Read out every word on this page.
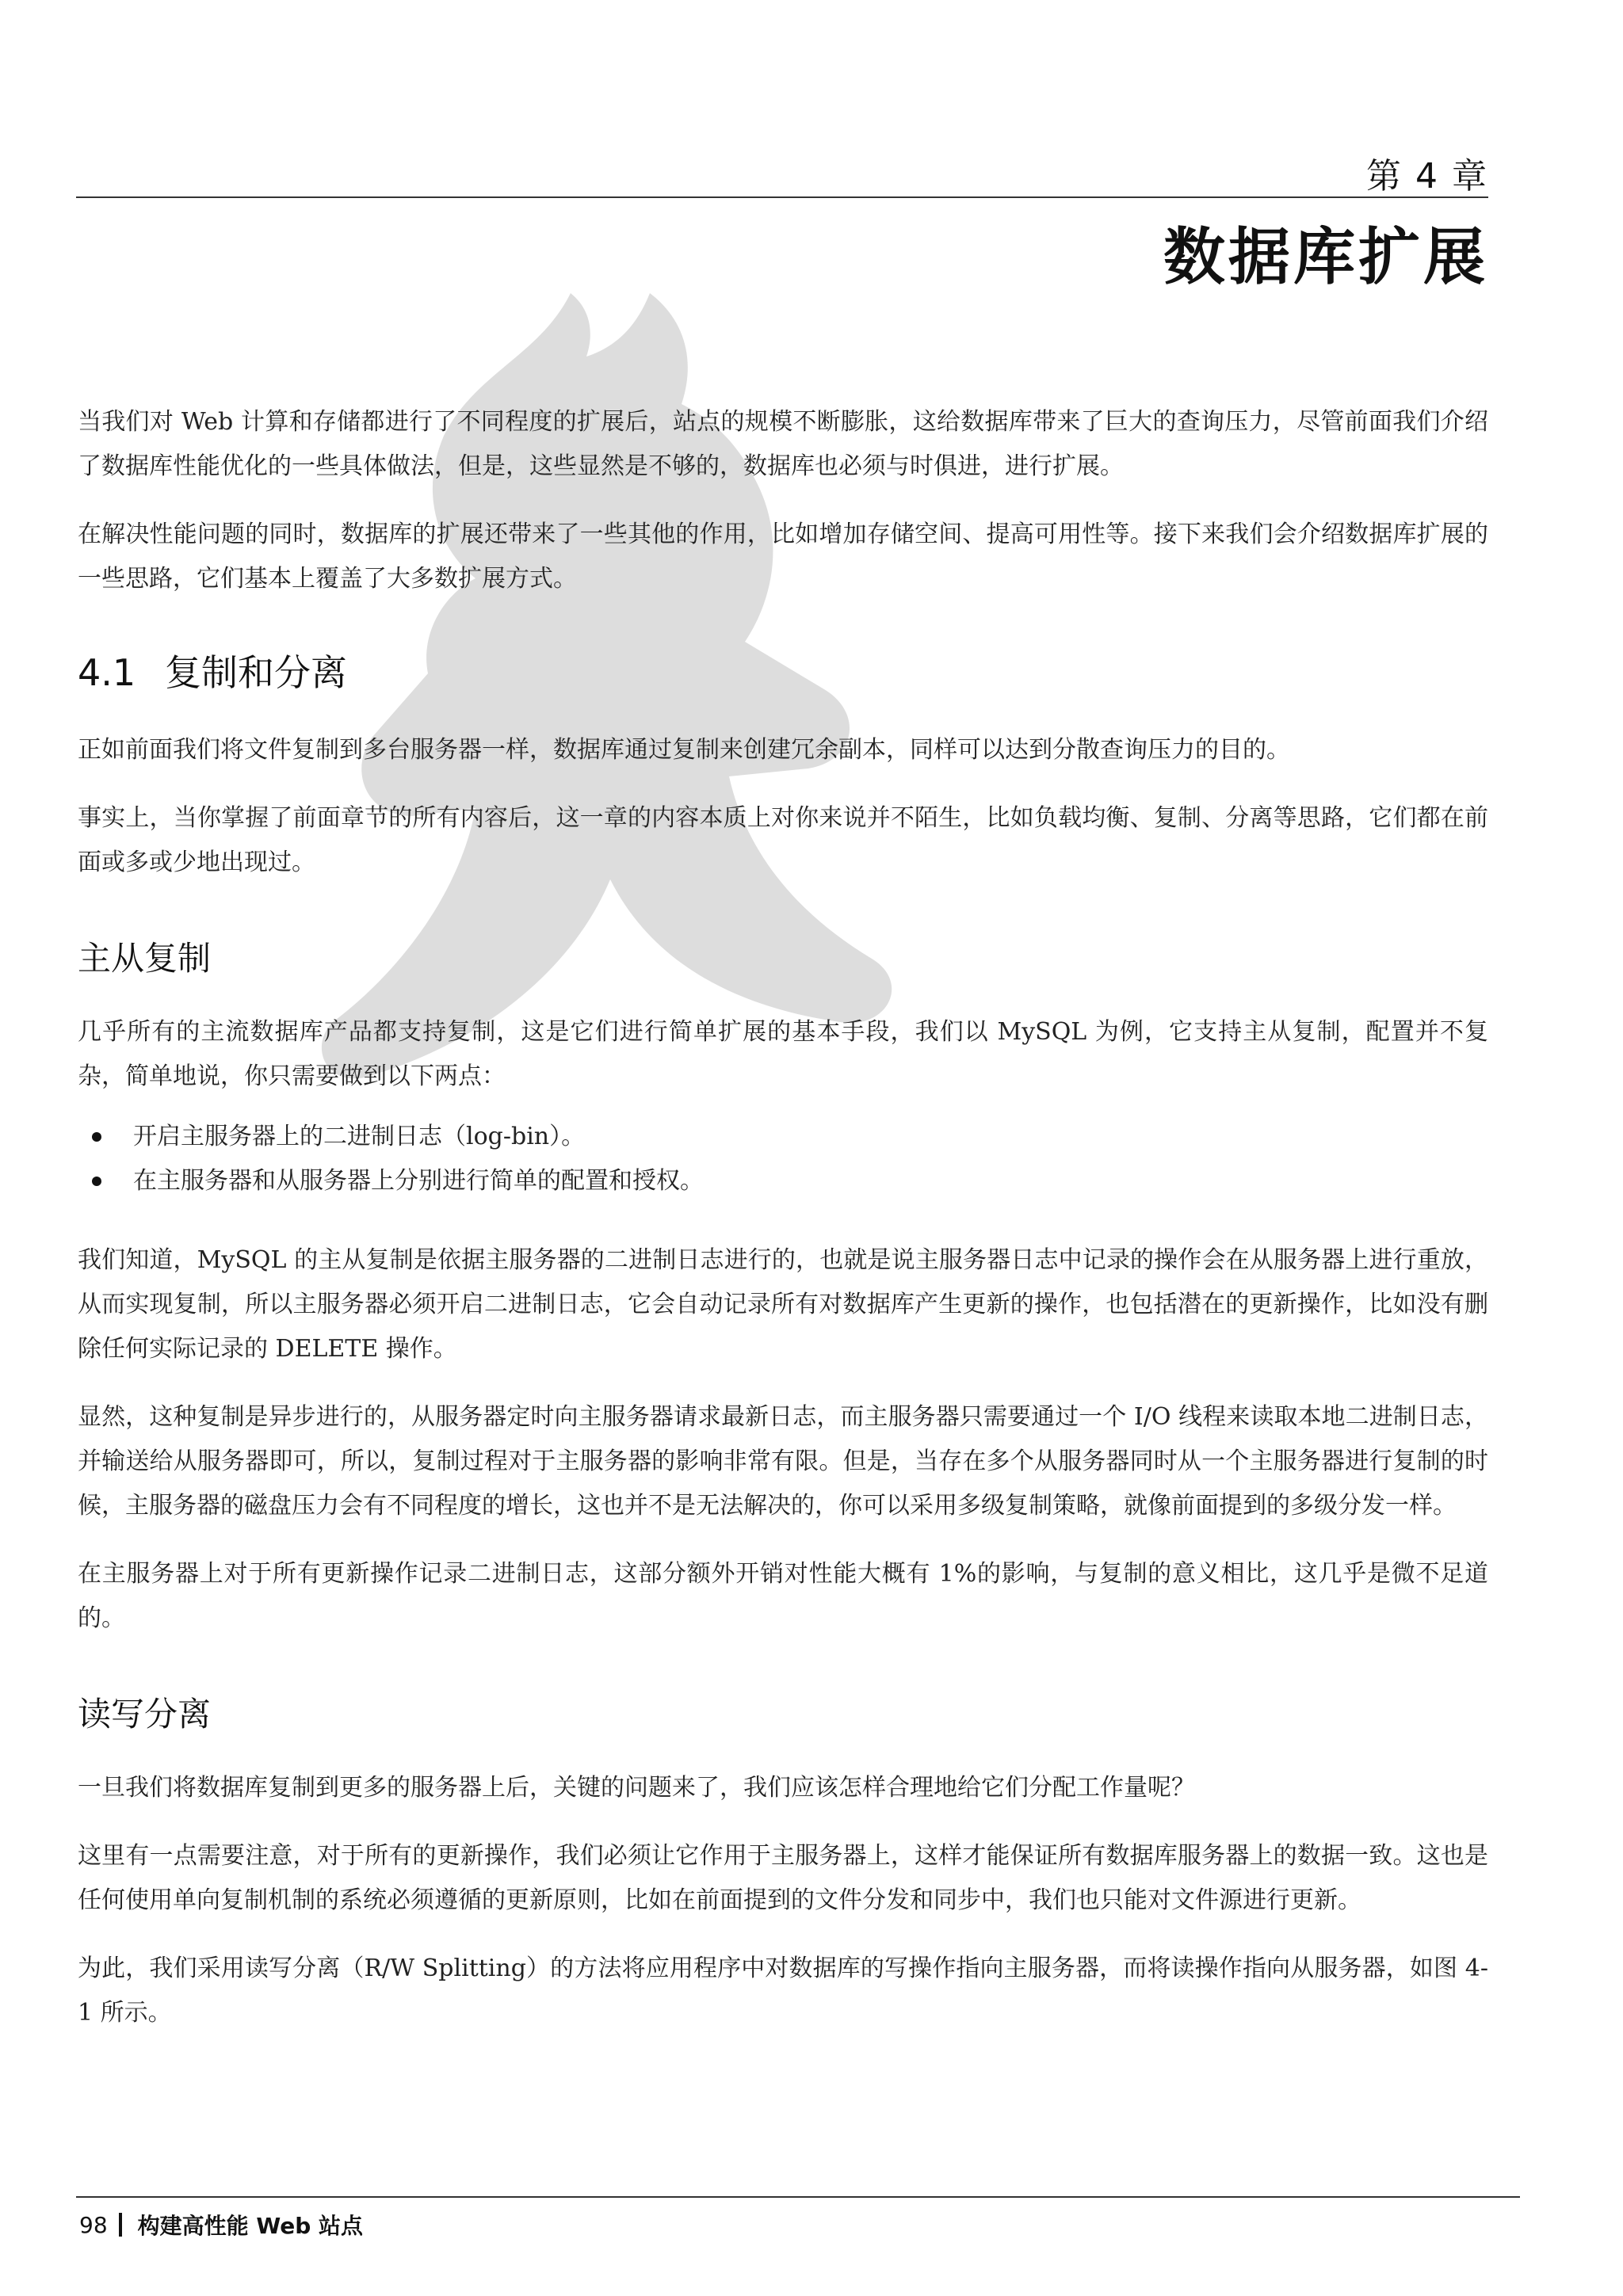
第 4 章
数据库扩展

当我们对 Web 计算和存储都进行了不同程度的扩展后，站点的规模不断膨胀，这给数据库带来了巨大的查询压力，尽管前面我们介绍了数据库性能优化的一些具体做法，但是，这些显然是不够的，数据库也必须与时俱进，进行扩展。

在解决性能问题的同时，数据库的扩展还带来了一些其他的作用，比如增加存储空间、提高可用性等。接下来我们会介绍数据库扩展的一些思路，它们基本上覆盖了大多数扩展方式。

4.1 复制和分离

正如前面我们将文件复制到多台服务器一样，数据库通过复制来创建冗余副本，同样可以达到分散查询压力的目的。

事实上，当你掌握了前面章节的所有内容后，这一章的内容本质上对你来说并不陌生，比如负载均衡、复制、分离等思路，它们都在前面或多或少地出现过。

主从复制

几乎所有的主流数据库产品都支持复制，这是它们进行简单扩展的基本手段，我们以 MySQL 为例，它支持主从复制，配置并不复杂，简单地说，你只需要做到以下两点：

开启主服务器上的二进制日志（log-bin）。
在主服务器和从服务器上分别进行简单的配置和授权。

我们知道，MySQL 的主从复制是依据主服务器的二进制日志进行的，也就是说主服务器日志中记录的操作会在从服务器上进行重放，从而实现复制，所以主服务器必须开启二进制日志，它会自动记录所有对数据库产生更新的操作，也包括潜在的更新操作，比如没有删除任何实际记录的 DELETE 操作。

显然，这种复制是异步进行的，从服务器定时向主服务器请求最新日志，而主服务器只需要通过一个 I/O 线程来读取本地二进制日志，并输送给从服务器即可，所以，复制过程对于主服务器的影响非常有限。但是，当存在多个从服务器同时从一个主服务器进行复制的时候，主服务器的磁盘压力会有不同程度的增长，这也并不是无法解决的，你可以采用多级复制策略，就像前面提到的多级分发一样。

在主服务器上对于所有更新操作记录二进制日志，这部分额外开销对性能大概有 1%的影响，与复制的意义相比，这几乎是微不足道的。

读写分离

一旦我们将数据库复制到更多的服务器上后，关键的问题来了，我们应该怎样合理地给它们分配工作量呢？

这里有一点需要注意，对于所有的更新操作，我们必须让它作用于主服务器上，这样才能保证所有数据库服务器上的数据一致。这也是任何使用单向复制机制的系统必须遵循的更新原则，比如在前面提到的文件分发和同步中，我们也只能对文件源进行更新。

为此，我们采用读写分离（R/W Splitting）的方法将应用程序中对数据库的写操作指向主服务器，而将读操作指向从服务器，如图 4-1 所示。

98 构建高性能 Web 站点
